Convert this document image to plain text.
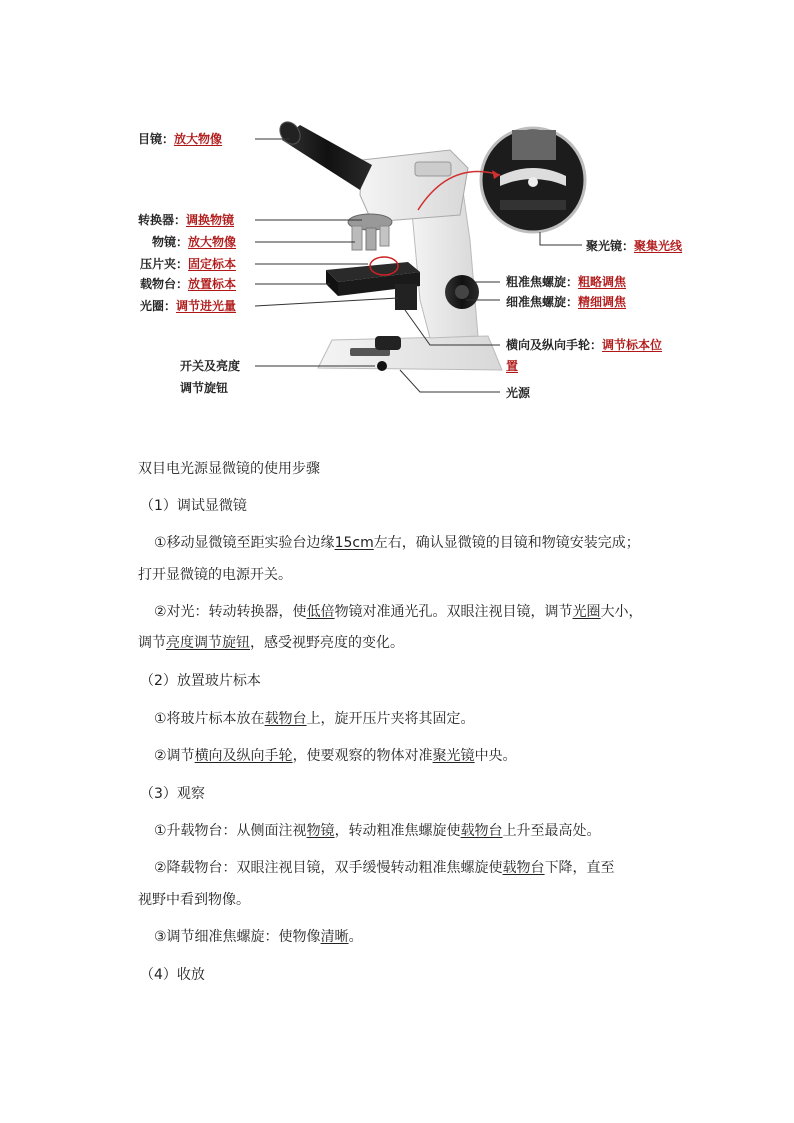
目镜：放大物像
转换器：调换物镜
物镜：放大物像
压片夹：固定标本
载物台：放置标本
光圈：调节进光量
开关及亮度
调节旋钮
聚光镜：聚集光线
粗准焦螺旋：粗略调焦
细准焦螺旋：精细调焦
横向及纵向手轮：调节标本位
置
光源
双目电光源显微镜的使用步骤
（1）调试显微镜
①移动显微镜至距实验台边缘15cm左右，确认显微镜的目镜和物镜安装完成；
打开显微镜的电源开关。
②对光：转动转换器，使低倍物镜对准通光孔。双眼注视目镜，调节光圈大小，
调节亮度调节旋钮，感受视野亮度的变化。
（2）放置玻片标本
①将玻片标本放在载物台上，旋开压片夹将其固定。
②调节横向及纵向手轮，使要观察的物体对准聚光镜中央。
（3）观察
①升载物台：从侧面注视物镜，转动粗准焦螺旋使载物台上升至最高处。
②降载物台：双眼注视目镜，双手缓慢转动粗准焦螺旋使载物台下降，直至
视野中看到物像。
③调节细准焦螺旋：使物像清晰。
（4）收放
